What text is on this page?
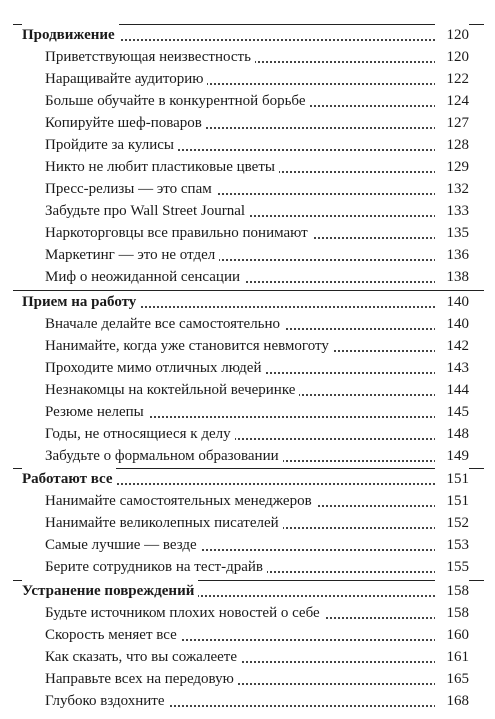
Продвижение	120
Приветствующая неизвестность	120
Наращивайте аудиторию	122
Больше обучайте в конкурентной борьбе	124
Копируйте шеф-поваров	127
Пройдите за кулисы	128
Никто не любит пластиковые цветы	129
Пресс-релизы — это спам	132
Забудьте про Wall Street Journal	133
Наркоторговцы все правильно понимают	135
Маркетинг — это не отдел	136
Миф о неожиданной сенсации	138
Прием на работу	140
Вначале делайте все самостоятельно	140
Нанимайте, когда уже становится невмоготу	142
Проходите мимо отличных людей	143
Незнакомцы на коктейльной вечеринке	144
Резюме нелепы	145
Годы, не относящиеся к делу	148
Забудьте о формальном образовании	149
Работают все	151
Нанимайте самостоятельных менеджеров	151
Нанимайте великолепных писателей	152
Самые лучшие — везде	153
Берите сотрудников на тест-драйв	155
Устранение повреждений	158
Будьте источником плохих новостей о себе	158
Скорость меняет все	160
Как сказать, что вы сожалеете	161
Направьте всех на передовую	165
Глубоко вздохните	168
